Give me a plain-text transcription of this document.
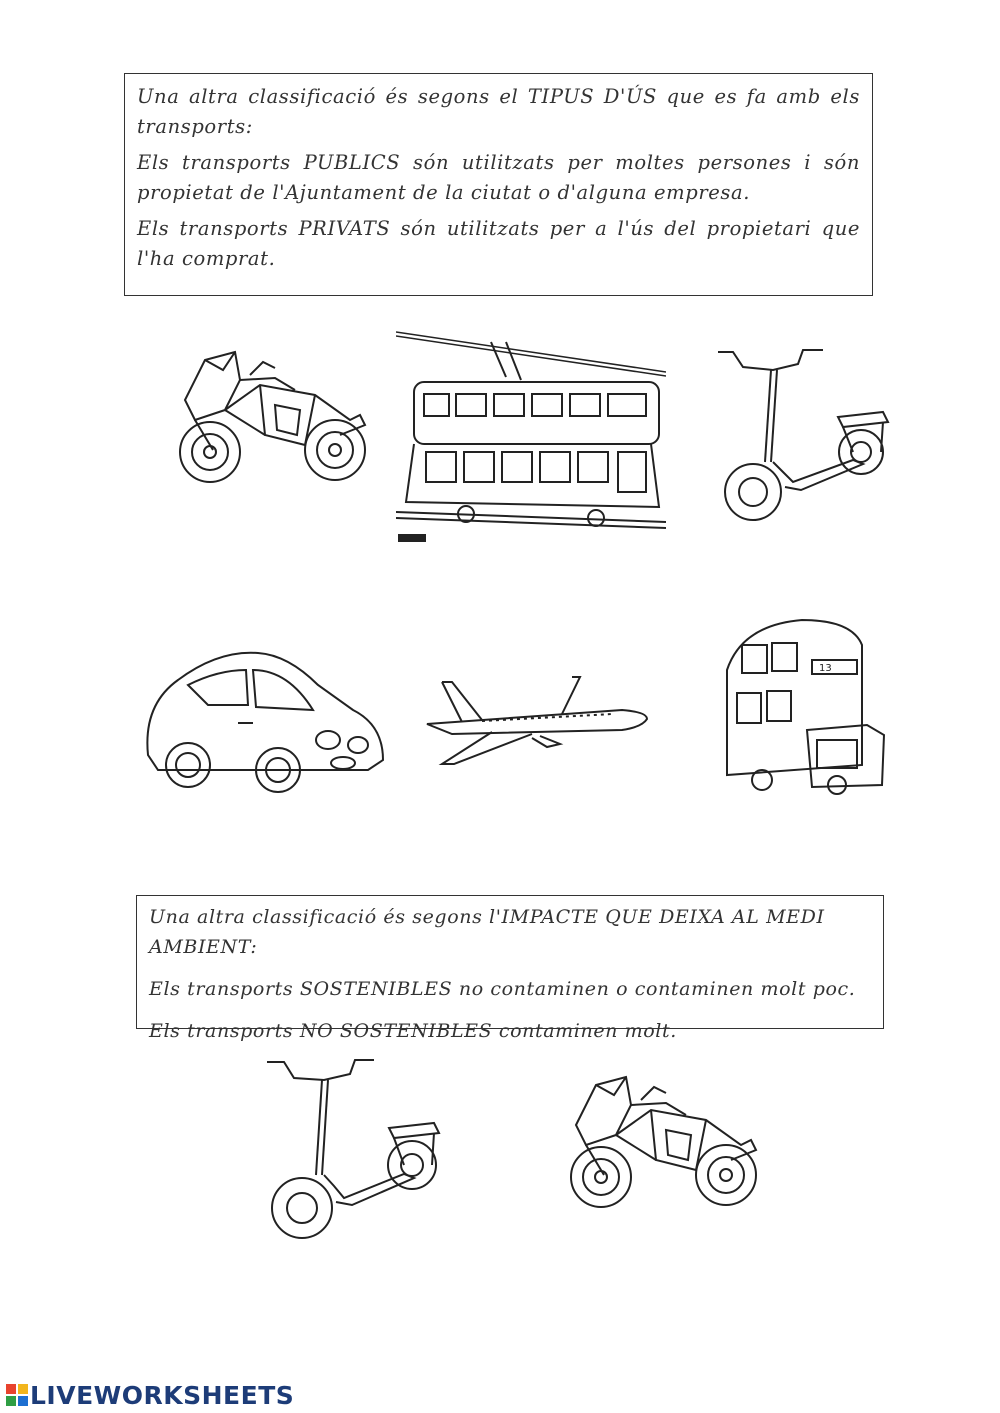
Una altra classificació és segons el TIPUS D'ÚS que es fa amb els transports:

Els transports PUBLICS són utilitzats per moltes persones i són propietat de l'Ajuntament de la ciutat o d'alguna empresa.

Els transports PRIVATS són utilitzats per a l'ús del propietari que l'ha comprat.

13

Una altra classificació és segons l'IMPACTE QUE DEIXA AL MEDI AMBIENT:

Els transports SOSTENIBLES no contaminen o contaminen molt poc.

Els transports NO SOSTENIBLES contaminen molt.

LIVEWORKSHEETS
